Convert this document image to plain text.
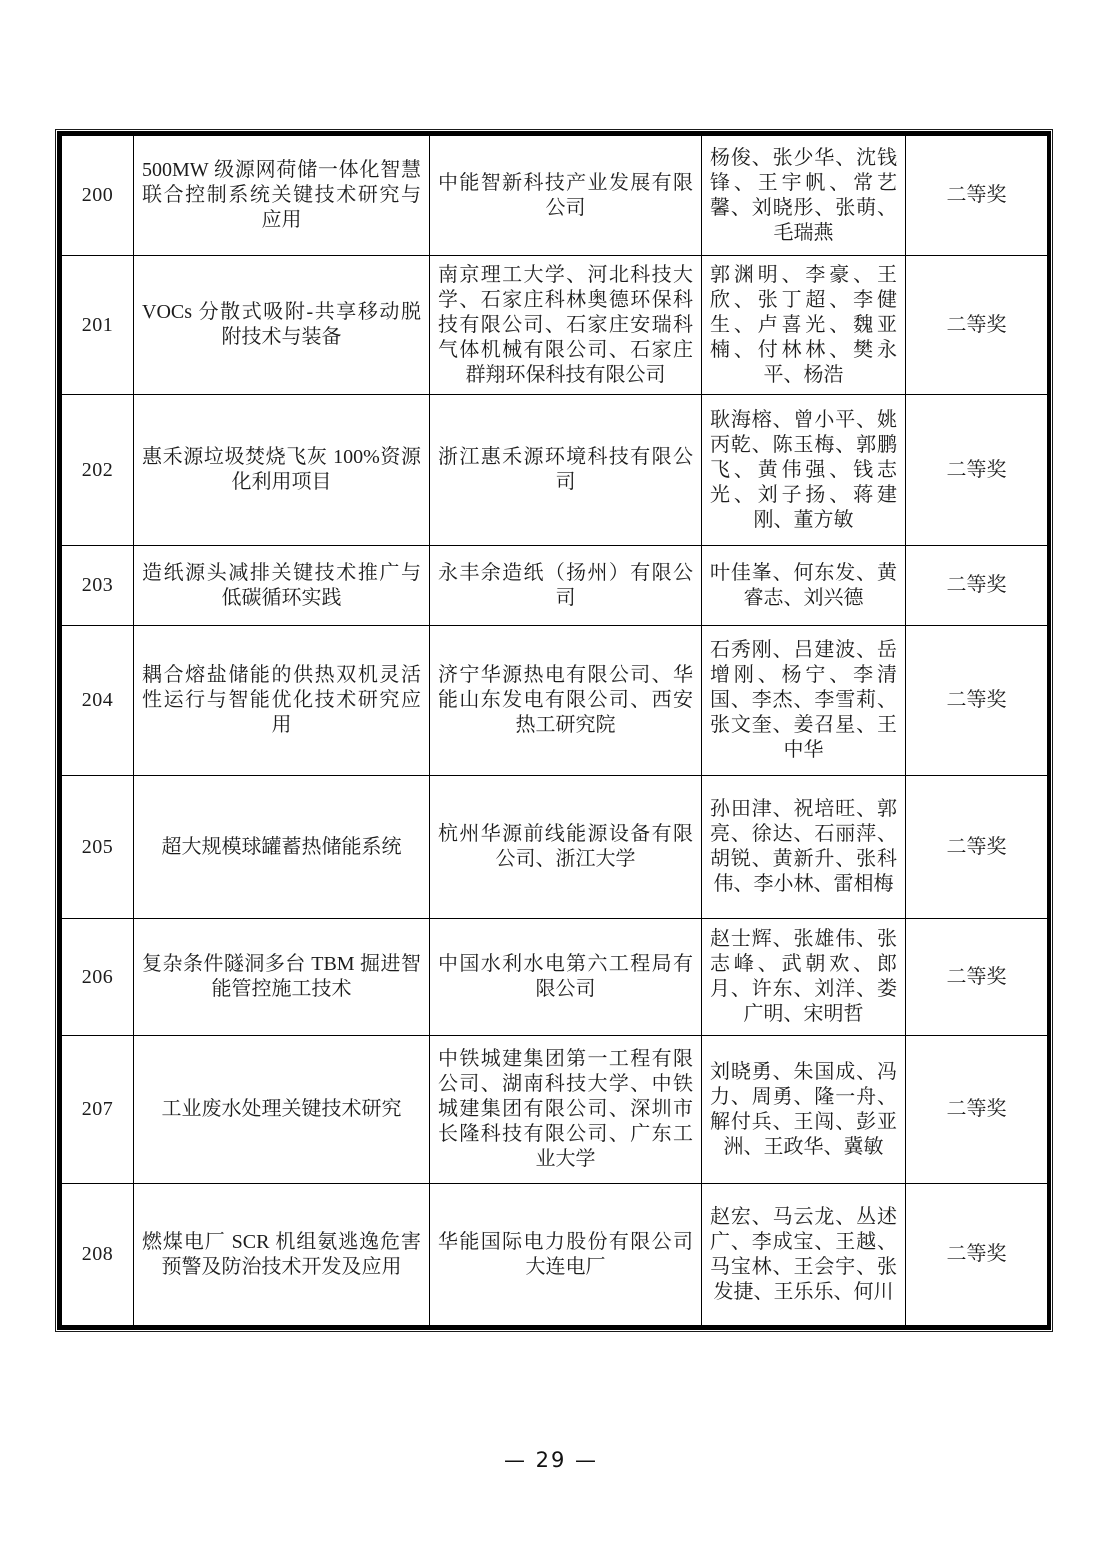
200	500MW 级源网荷储一体化智慧联合控制系统关键技术研究与应用	中能智新科技产业发展有限公司	杨俊、张少华、沈钱锋、王宇帆、常艺馨、刘晓彤、张萌、毛瑞燕	二等奖
201	VOCs 分散式吸附-共享移动脱附技术与装备	南京理工大学、河北科技大学、石家庄科林奥德环保科技有限公司、石家庄安瑞科气体机械有限公司、石家庄群翔环保科技有限公司	郭渊明、李豪、王欣、张丁超、李健生、卢喜光、魏亚楠、付林林、樊永平、杨浩	二等奖
202	惠禾源垃圾焚烧飞灰 100%资源化利用项目	浙江惠禾源环境科技有限公司	耿海榕、曾小平、姚丙乾、陈玉梅、郭鹏飞、黄伟强、钱志光、刘子扬、蒋建刚、董方敏	二等奖
203	造纸源头减排关键技术推广与低碳循环实践	永丰余造纸（扬州）有限公司	叶佳峯、何东发、黄睿志、刘兴德	二等奖
204	耦合熔盐储能的供热双机灵活性运行与智能优化技术研究应用	济宁华源热电有限公司、华能山东发电有限公司、西安热工研究院	石秀刚、吕建波、岳增刚、杨宁、李清国、李杰、李雪莉、张文奎、姜召星、王中华	二等奖
205	超大规模球罐蓄热储能系统	杭州华源前线能源设备有限公司、浙江大学	孙田津、祝培旺、郭亮、徐达、石丽萍、胡锐、黄新升、张科伟、李小林、雷相梅	二等奖
206	复杂条件隧洞多台 TBM 掘进智能管控施工技术	中国水利水电第六工程局有限公司	赵士辉、张雄伟、张志峰、武朝欢、郎月、许东、刘洋、娄广明、宋明哲	二等奖
207	工业废水处理关键技术研究	中铁城建集团第一工程有限公司、湖南科技大学、中铁城建集团有限公司、深圳市长隆科技有限公司、广东工业大学	刘晓勇、朱国成、冯力、周勇、隆一舟、解付兵、王闯、彭亚洲、王政华、冀敏	二等奖
208	燃煤电厂 SCR 机组氨逃逸危害预警及防治技术开发及应用	华能国际电力股份有限公司大连电厂	赵宏、马云龙、丛述广、李成宝、王越、马宝林、王会宇、张发捷、王乐乐、何川	二等奖
— 29 —
